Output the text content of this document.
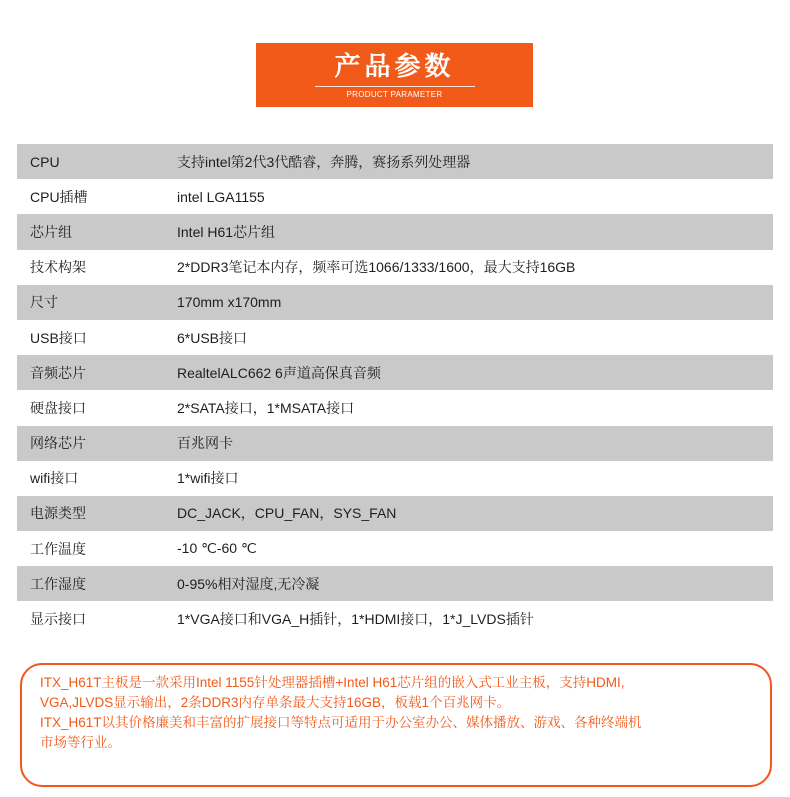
产品参数
PRODUCT PARAMETER
CPU	支持intel第2代3代酷睿，奔腾，赛扬系列处理器
CPU插槽	intel LGA1155
芯片组	Intel H61芯片组
技术构架	2*DDR3笔记本内存，频率可选1066/1333/1600，最大支持16GB
尺寸	170mm x170mm
USB接口	6*USB接口
音频芯片	RealtelALC662 6声道高保真音频
硬盘接口	2*SATA接口，1*MSATA接口
网络芯片	百兆网卡
wifi接口	1*wifi接口
电源类型	DC_JACK，CPU_FAN，SYS_FAN
工作温度	-10 ℃-60 ℃
工作湿度	0-95%相对湿度,无冷凝
显示接口	1*VGA接口和VGA_H插针，1*HDMI接口，1*J_LVDS插针

ITX_H61T主板是一款采用Intel 1155针处理器插槽+Intel H61芯片组的嵌入式工业主板，支持HDMI,

VGA,JLVDS显示输出，2条DDR3内存单条最大支持16GB，板载1个百兆网卡。

ITX_H61T以其价格廉美和丰富的扩展接口等特点可适用于办公室办公、媒体播放、游戏、各种终端机

市场等行业。
